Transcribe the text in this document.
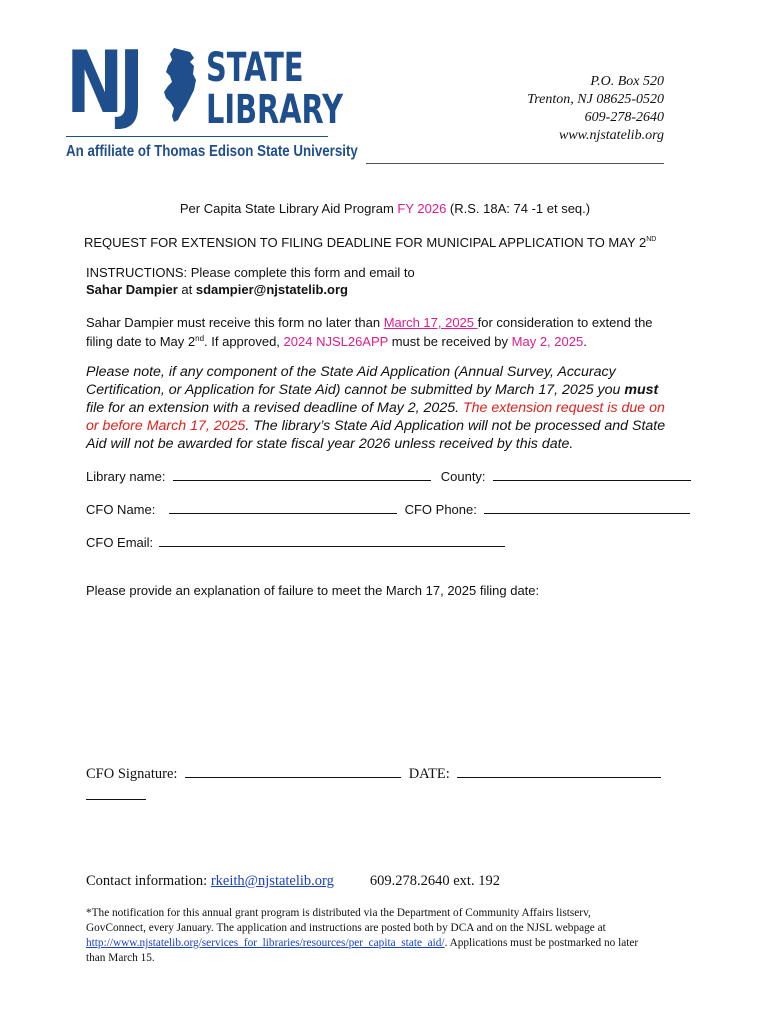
NJ STATE
LIBRARY
An affiliate of Thomas Edison State University
P.O. Box 520
Trenton, NJ 08625-0520
609-278-2640
www.njstatelib.org
Per Capita State Library Aid Program FY 2026 (R.S. 18A: 74 -1 et seq.)
REQUEST FOR EXTENSION TO FILING DEADLINE FOR MUNICIPAL APPLICATION TO MAY 2ND
INSTRUCTIONS: Please complete this form and email to
Sahar Dampier at sdampier@njstatelib.org
Sahar Dampier must receive this form no later than March 17, 2025 for consideration to extend the
filing date to May 2nd. If approved, 2024 NJSL26APP must be received by May 2, 2025.
Please note, if any component of the State Aid Application (Annual Survey, Accuracy
Certification, or Application for State Aid) cannot be submitted by March 17, 2025 you must
file for an extension with a revised deadline of May 2, 2025. The extension request is due on
or before March 17, 2025. The library’s State Aid Application will not be processed and State
Aid will not be awarded for state fiscal year 2026 unless received by this date.
Library name:	County:
CFO Name:	CFO Phone:
CFO Email:
Please provide an explanation of failure to meet the March 17, 2025 filing date:
CFO Signature:	DATE:
Contact information: rkeith@njstatelib.org 609.278.2640 ext. 192
*The notification for this annual grant program is distributed via the Department of Community Affairs listserv,
GovConnect, every January. The application and instructions are posted both by DCA and on the NJSL webpage at
http://www.njstatelib.org/services_for_libraries/resources/per_capita_state_aid/. Applications must be postmarked no later
than March 15.
